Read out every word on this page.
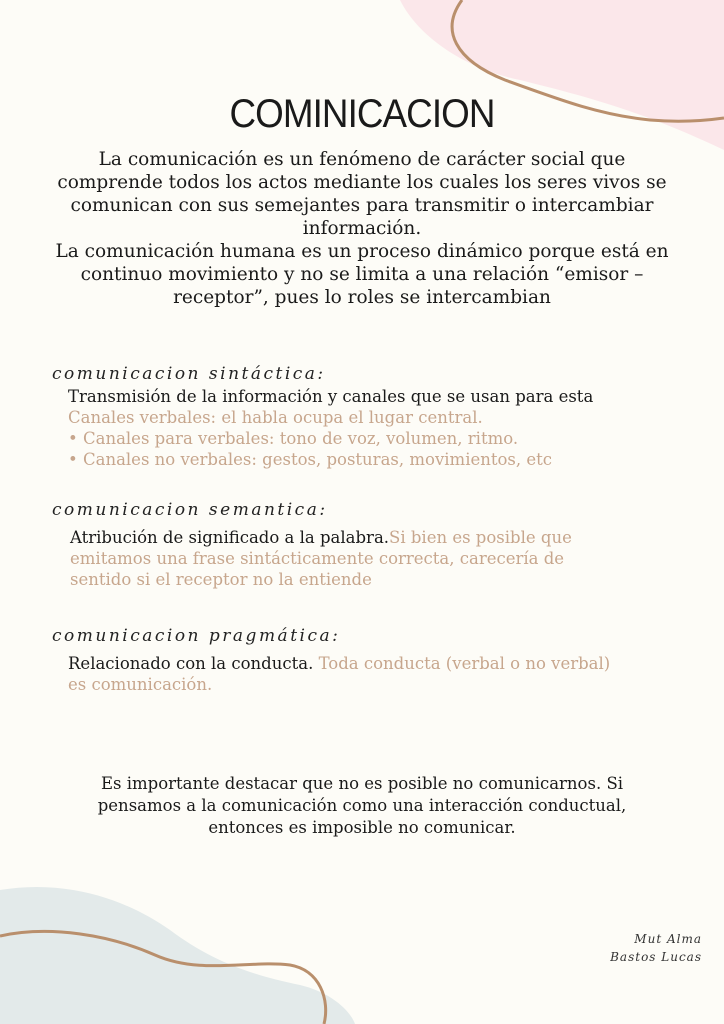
COMINICACION

La comunicación es un fenómeno de carácter social que comprende todos los actos mediante los cuales los seres vivos se comunican con sus semejantes para transmitir o intercambiar información.

La comunicación humana es un proceso dinámico porque está en continuo movimiento y no se limita a una relación “emisor – receptor”, pues lo roles se intercambian

comunicacion sintáctica:

Transmisión de la información y canales que se usan para esta

Canales verbales: el habla ocupa el lugar central.

• Canales para verbales: tono de voz, volumen, ritmo.

• Canales no verbales: gestos, posturas, movimientos, etc

comunicacion semantica:

Atribución de significado a la palabra.Si bien es posible que

emitamos una frase sintácticamente correcta, carecería de

sentido si el receptor no la entiende

comunicacion pragmática:

Relacionado con la conducta. Toda conducta (verbal o no verbal)

es comunicación.

Es importante destacar que no es posible no comunicarnos. Si pensamos a la comunicación como una interacción conductual, entonces es imposible no comunicar.
Mut Alma
Bastos Lucas
